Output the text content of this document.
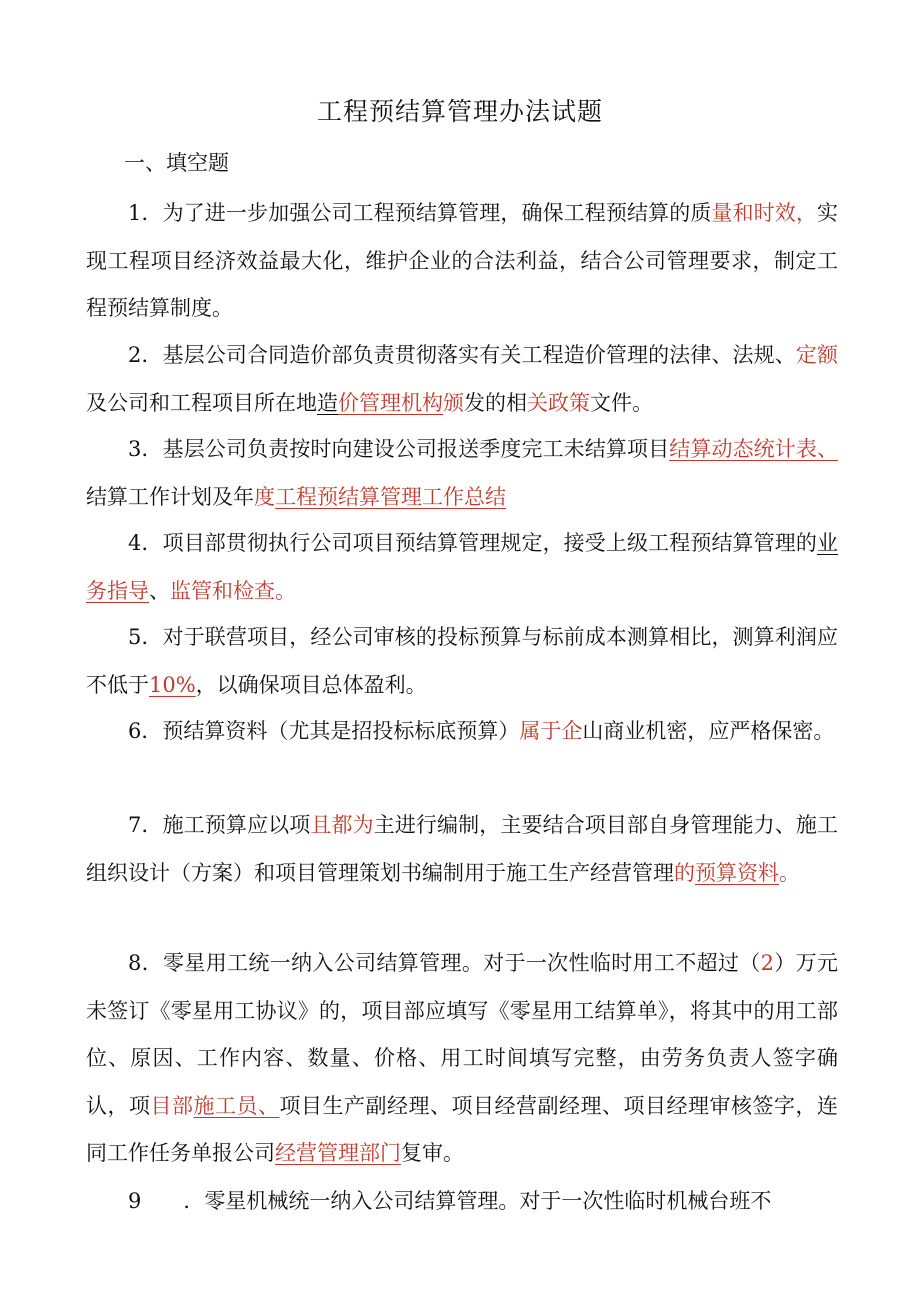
工程预结算管理办法试题
一、填空题

1．为了进一步加强公司工程预结算管理，确保工程预结算的质量和时效，实现工程项目经济效益最大化，维护企业的合法利益，结合公司管理要求，制定工程预结算制度。

2．基层公司合同造价部负责贯彻落实有关工程造价管理的法律、法规、定额及公司和工程项目所在地造价管理机构颁发的相关政策文件。

3．基层公司负责按时向建设公司报送季度完工未结算项目结算动态统计表、结算工作计划及年度工程预结算管理工作总结

4．项目部贯彻执行公司项目预结算管理规定，接受上级工程预结算管理的业务指导、监管和检查。

5．对于联营项目，经公司审核的投标预算与标前成本测算相比，测算利润应不低于10%，以确保项目总体盈利。

6．预结算资料（尤其是招投标标底预算）属于企山商业机密，应严格保密。

7．施工预算应以项且都为主进行编制，主要结合项目部自身管理能力、施工组织设计（方案）和项目管理策划书编制用于施工生产经营管理的预算资料。

8．零星用工统一纳入公司结算管理。对于一次性临时用工不超过（2）万元未签订《零星用工协议》的，项目部应填写《零星用工结算单》，将其中的用工部位、原因、工作内容、数量、价格、用工时间填写完整，由劳务负责人签字确认，项目部施工员、项目生产副经理、项目经营副经理、项目经理审核签字，连同工作任务单报公司经营管理部门复审。

9　　．零星机械统一纳入公司结算管理。对于一次性临时机械台班不
